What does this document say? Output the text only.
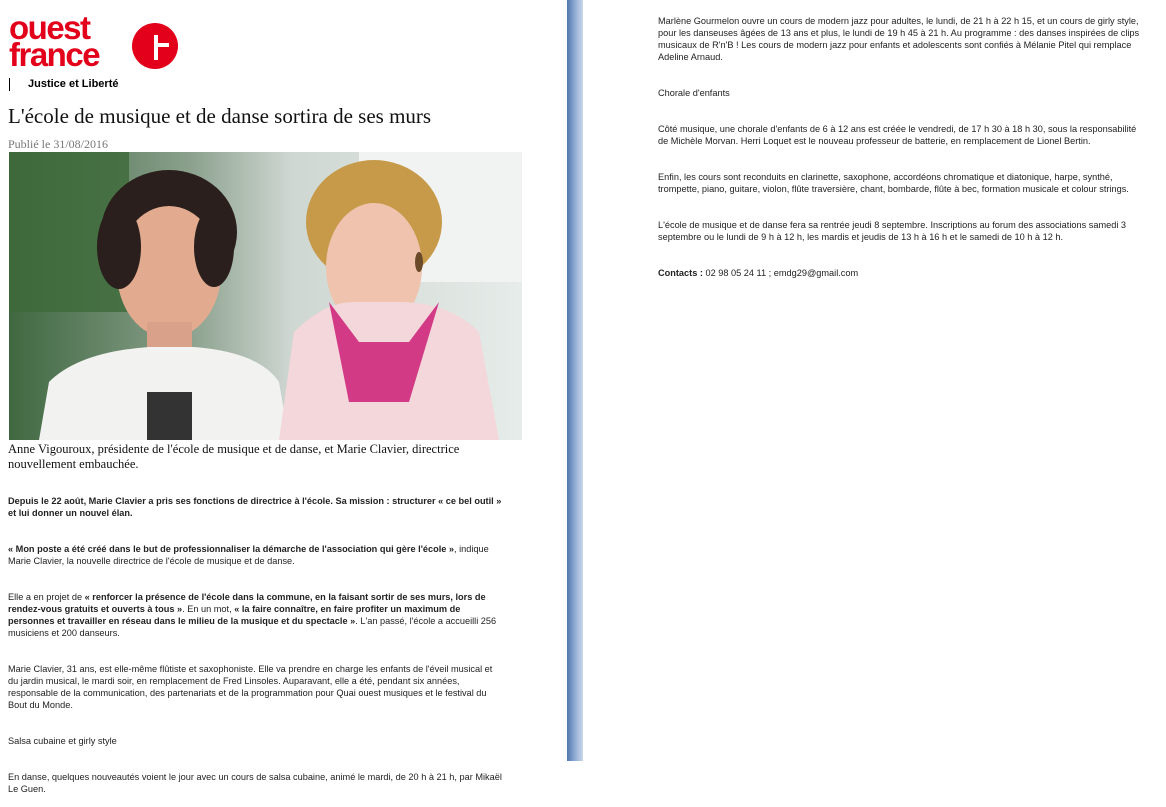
ouest
france
Justice et Liberté
L'école de musique et de danse sortira de ses murs
Publié le 31/08/2016
Anne Vigouroux, présidente de l'école de musique et de danse, et Marie Clavier, directrice nouvellement embauchée.

Depuis le 22 août, Marie Clavier a pris ses fonctions de directrice à l'école. Sa mission : structurer « ce bel outil » et lui donner un nouvel élan.

« Mon poste a été créé dans le but de professionnaliser la démarche de l'association qui gère l'école », indique Marie Clavier, la nouvelle directrice de l'école de musique et de danse.

Elle a en projet de « renforcer la présence de l'école dans la commune, en la faisant sortir de ses murs, lors de rendez-vous gratuits et ouverts à tous ». En un mot, « la faire connaître, en faire profiter un maximum de personnes et travailler en réseau dans le milieu de la musique et du spectacle ». L'an passé, l'école a accueilli 256 musiciens et 200 danseurs.

Marie Clavier, 31 ans, est elle-même flûtiste et saxophoniste. Elle va prendre en charge les enfants de l'éveil musical et du jardin musical, le mardi soir, en remplacement de Fred Linsoles. Auparavant, elle a été, pendant six années, responsable de la communication, des partenariats et de la programmation pour Quai ouest musiques et le festival du Bout du Monde.

Salsa cubaine et girly style

En danse, quelques nouveautés voient le jour avec un cours de salsa cubaine, animé le mardi, de 20 h à 21 h, par Mikaël Le Guen.

Marlène Gourmelon ouvre un cours de modern jazz pour adultes, le lundi, de 21 h à 22 h 15, et un cours de girly style, pour les danseuses âgées de 13 ans et plus, le lundi de 19 h 45 à 21 h. Au programme : des danses inspirées de clips musicaux de R'n'B ! Les cours de modern jazz pour enfants et adolescents sont confiés à Mélanie Pitel qui remplace Adeline Arnaud.

Chorale d'enfants

Côté musique, une chorale d'enfants de 6 à 12 ans est créée le vendredi, de 17 h 30 à 18 h 30, sous la responsabilité de Michèle Morvan. Herri Loquet est le nouveau professeur de batterie, en remplacement de Lionel Bertin.

Enfin, les cours sont reconduits en clarinette, saxophone, accordéons chromatique et diatonique, harpe, synthé, trompette, piano, guitare, violon, flûte traversière, chant, bombarde, flûte à bec, formation musicale et colour strings.

L'école de musique et de danse fera sa rentrée jeudi 8 septembre. Inscriptions au forum des associations samedi 3 septembre ou le lundi de 9 h à 12 h, les mardis et jeudis de 13 h à 16 h et le samedi de 10 h à 12 h.

Contacts : 02 98 05 24 11 ; emdg29@gmail.com
